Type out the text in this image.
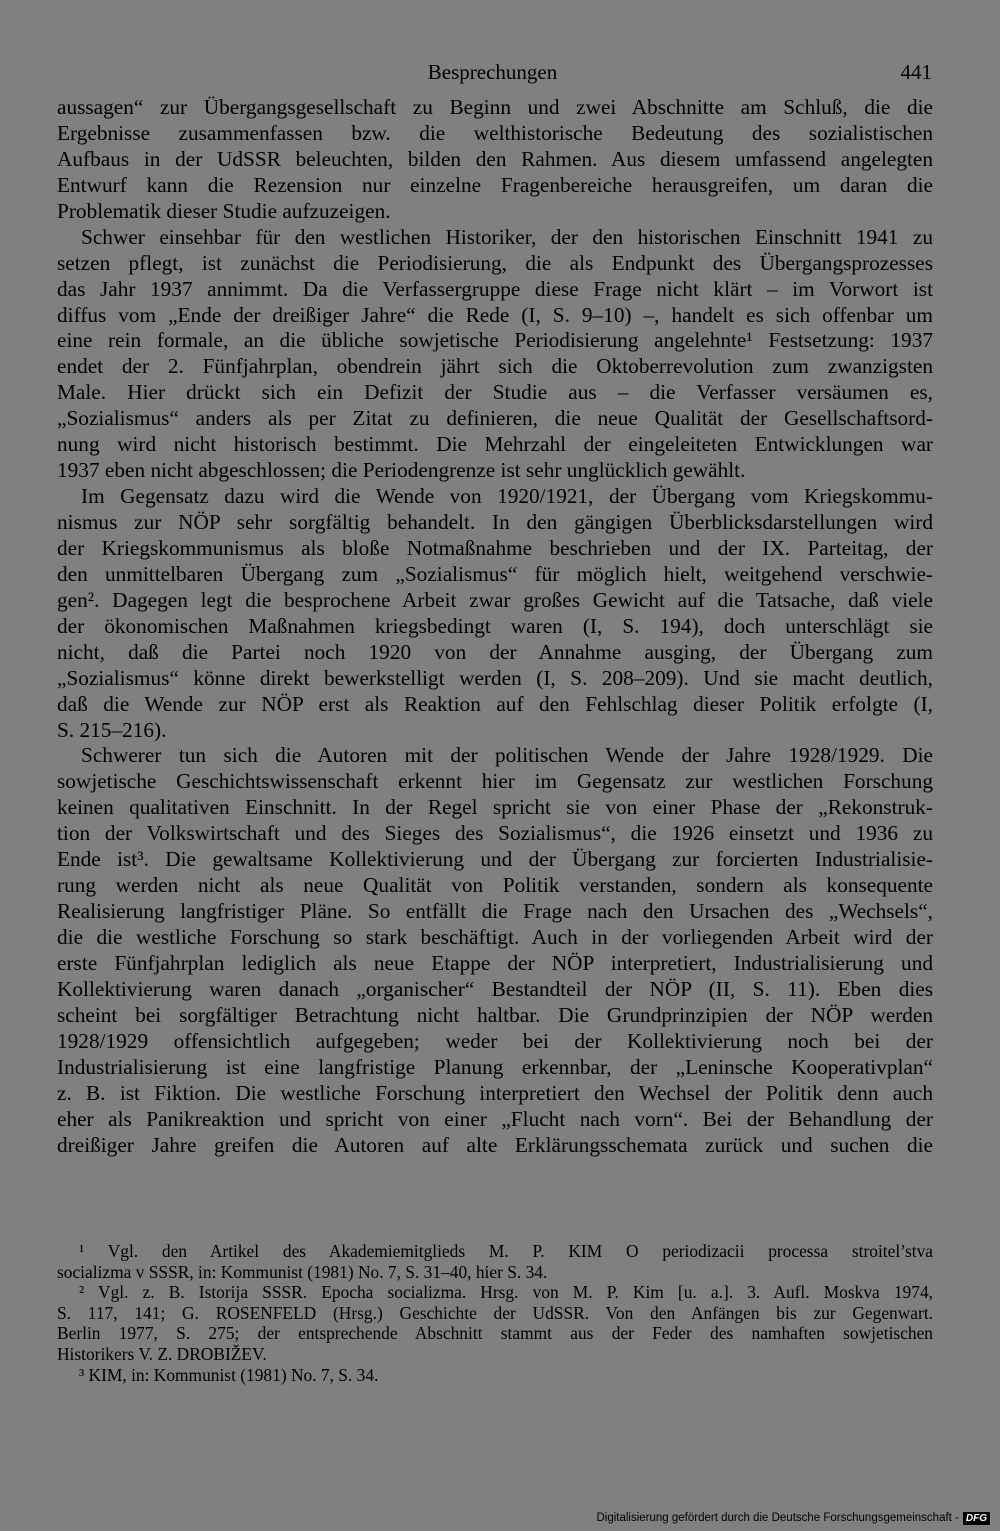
Besprechungen	441
aussagen“ zur Übergangsgesellschaft zu Beginn und zwei Abschnitte am Schluß, die die
Ergebnisse zusammenfassen bzw. die welthistorische Bedeutung des sozialistischen
Aufbaus in der UdSSR beleuchten, bilden den Rahmen. Aus diesem umfassend angelegten
Entwurf kann die Rezension nur einzelne Fragenbereiche herausgreifen, um daran die
Problematik dieser Studie aufzuzeigen.
Schwer einsehbar für den westlichen Historiker, der den historischen Einschnitt 1941 zu
setzen pflegt, ist zunächst die Periodisierung, die als Endpunkt des Übergangsprozesses
das Jahr 1937 annimmt. Da die Verfassergruppe diese Frage nicht klärt – im Vorwort ist
diffus vom „Ende der dreißiger Jahre“ die Rede (I, S. 9–10) –, handelt es sich offenbar um
eine rein formale, an die übliche sowjetische Periodisierung angelehnte¹ Festsetzung: 1937
endet der 2. Fünfjahrplan, obendrein jährt sich die Oktoberrevolution zum zwanzigsten
Male. Hier drückt sich ein Defizit der Studie aus – die Verfasser versäumen es,
„Sozialismus“ anders als per Zitat zu definieren, die neue Qualität der Gesellschaftsord-
nung wird nicht historisch bestimmt. Die Mehrzahl der eingeleiteten Entwicklungen war
1937 eben nicht abgeschlossen; die Periodengrenze ist sehr unglücklich gewählt.
Im Gegensatz dazu wird die Wende von 1920/1921, der Übergang vom Kriegskommu-
nismus zur NÖP sehr sorgfältig behandelt. In den gängigen Überblicksdarstellungen wird
der Kriegskommunismus als bloße Notmaßnahme beschrieben und der IX. Parteitag, der
den unmittelbaren Übergang zum „Sozialismus“ für möglich hielt, weitgehend verschwie-
gen². Dagegen legt die besprochene Arbeit zwar großes Gewicht auf die Tatsache, daß viele
der ökonomischen Maßnahmen kriegsbedingt waren (I, S. 194), doch unterschlägt sie
nicht, daß die Partei noch 1920 von der Annahme ausging, der Übergang zum
„Sozialismus“ könne direkt bewerkstelligt werden (I, S. 208–209). Und sie macht deutlich,
daß die Wende zur NÖP erst als Reaktion auf den Fehlschlag dieser Politik erfolgte (I,
S. 215–216).
Schwerer tun sich die Autoren mit der politischen Wende der Jahre 1928/1929. Die
sowjetische Geschichtswissenschaft erkennt hier im Gegensatz zur westlichen Forschung
keinen qualitativen Einschnitt. In der Regel spricht sie von einer Phase der „Rekonstruk-
tion der Volkswirtschaft und des Sieges des Sozialismus“, die 1926 einsetzt und 1936 zu
Ende ist³. Die gewaltsame Kollektivierung und der Übergang zur forcierten Industrialisie-
rung werden nicht als neue Qualität von Politik verstanden, sondern als konsequente
Realisierung langfristiger Pläne. So entfällt die Frage nach den Ursachen des „Wechsels“,
die die westliche Forschung so stark beschäftigt. Auch in der vorliegenden Arbeit wird der
erste Fünfjahrplan lediglich als neue Etappe der NÖP interpretiert, Industrialisierung und
Kollektivierung waren danach „organischer“ Bestandteil der NÖP (II, S. 11). Eben dies
scheint bei sorgfältiger Betrachtung nicht haltbar. Die Grundprinzipien der NÖP werden
1928/1929 offensichtlich aufgegeben; weder bei der Kollektivierung noch bei der
Industrialisierung ist eine langfristige Planung erkennbar, der „Leninsche Kooperativplan“
z. B. ist Fiktion. Die westliche Forschung interpretiert den Wechsel der Politik denn auch
eher als Panikreaktion und spricht von einer „Flucht nach vorn“. Bei der Behandlung der
dreißiger Jahre greifen die Autoren auf alte Erklärungsschemata zurück und suchen die
¹ Vgl. den Artikel des Akademiemitglieds M. P. KIM O periodizacii processa stroitel’stva
socializma v SSSR, in: Kommunist (1981) No. 7, S. 31–40, hier S. 34.
² Vgl. z. B. Istorija SSSR. Epocha socializma. Hrsg. von M. P. Kim [u. a.]. 3. Aufl. Moskva 1974,
S. 117, 141; G. ROSENFELD (Hrsg.) Geschichte der UdSSR. Von den Anfängen bis zur Gegenwart.
Berlin 1977, S. 275; der entsprechende Abschnitt stammt aus der Feder des namhaften sowjetischen
Historikers V. Z. DROBIŽEV.
³ KIM, in: Kommunist (1981) No. 7, S. 34.
Digitalisierung gefördert durch die Deutsche Forschungsgemeinschaft - DFG
